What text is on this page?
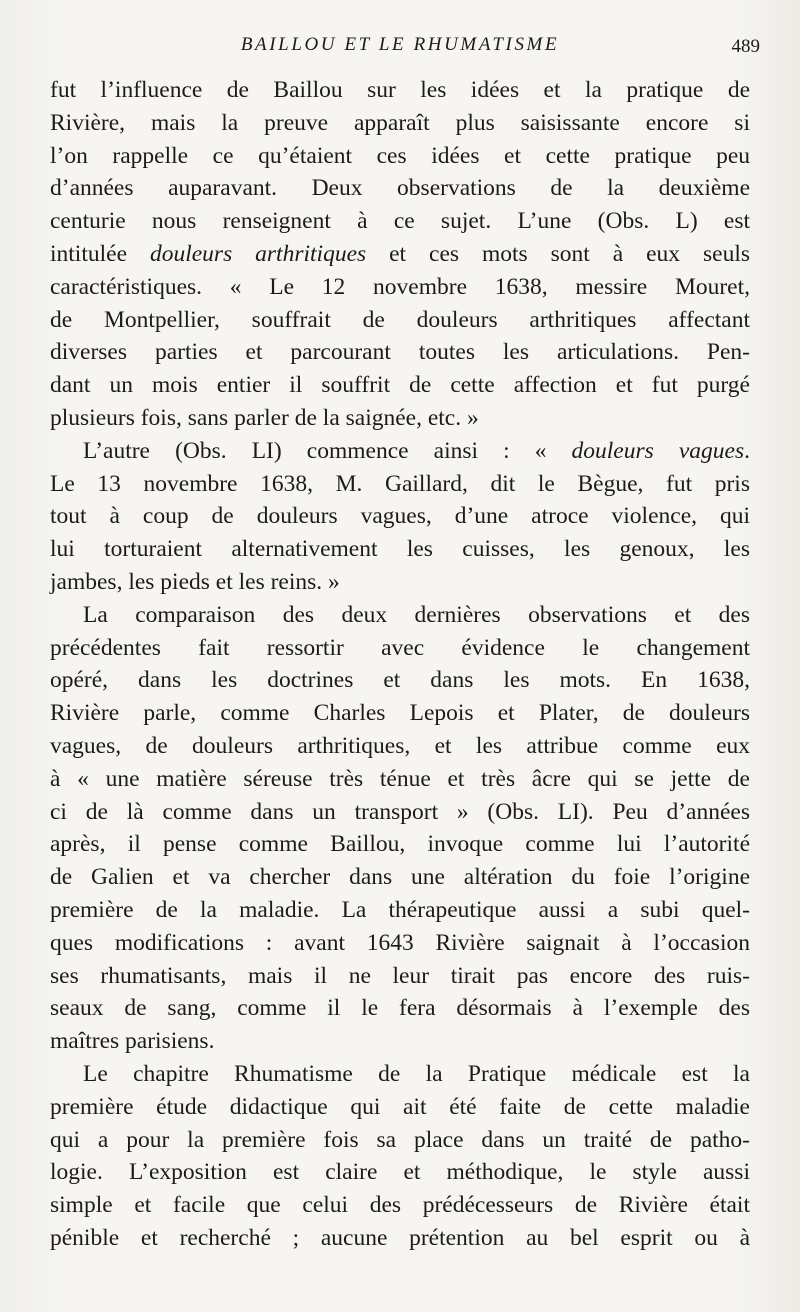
BAILLOU ET LE RHUMATISME	489
fut l’influence de Baillou sur les idées et la pratique de
Rivière, mais la preuve apparaît plus saisissante encore si
l’on rappelle ce qu’étaient ces idées et cette pratique peu
d’années auparavant. Deux observations de la deuxième
centurie nous renseignent à ce sujet. L’une (Obs. L) est
intitulée douleurs arthritiques et ces mots sont à eux seuls
caractéristiques. « Le 12 novembre 1638, messire Mouret,
de Montpellier, souffrait de douleurs arthritiques affectant
diverses parties et parcourant toutes les articulations. Pen-
dant un mois entier il souffrit de cette affection et fut purgé
plusieurs fois, sans parler de la saignée, etc. »
L’autre (Obs. LI) commence ainsi : « douleurs vagues.
Le 13 novembre 1638, M. Gaillard, dit le Bègue, fut pris
tout à coup de douleurs vagues, d’une atroce violence, qui
lui torturaient alternativement les cuisses, les genoux, les
jambes, les pieds et les reins. »
La comparaison des deux dernières observations et des
précédentes fait ressortir avec évidence le changement
opéré, dans les doctrines et dans les mots. En 1638,
Rivière parle, comme Charles Lepois et Plater, de douleurs
vagues, de douleurs arthritiques, et les attribue comme eux
à « une matière séreuse très ténue et très âcre qui se jette de
ci de là comme dans un transport » (Obs. LI). Peu d’années
après, il pense comme Baillou, invoque comme lui l’autorité
de Galien et va chercher dans une altération du foie l’origine
première de la maladie. La thérapeutique aussi a subi quel-
ques modifications : avant 1643 Rivière saignait à l’occasion
ses rhumatisants, mais il ne leur tirait pas encore des ruis-
seaux de sang, comme il le fera désormais à l’exemple des
maîtres parisiens.
Le chapitre Rhumatisme de la Pratique médicale est la
première étude didactique qui ait été faite de cette maladie
qui a pour la première fois sa place dans un traité de patho-
logie. L’exposition est claire et méthodique, le style aussi
simple et facile que celui des prédécesseurs de Rivière était
pénible et recherché ; aucune prétention au bel esprit ou à
